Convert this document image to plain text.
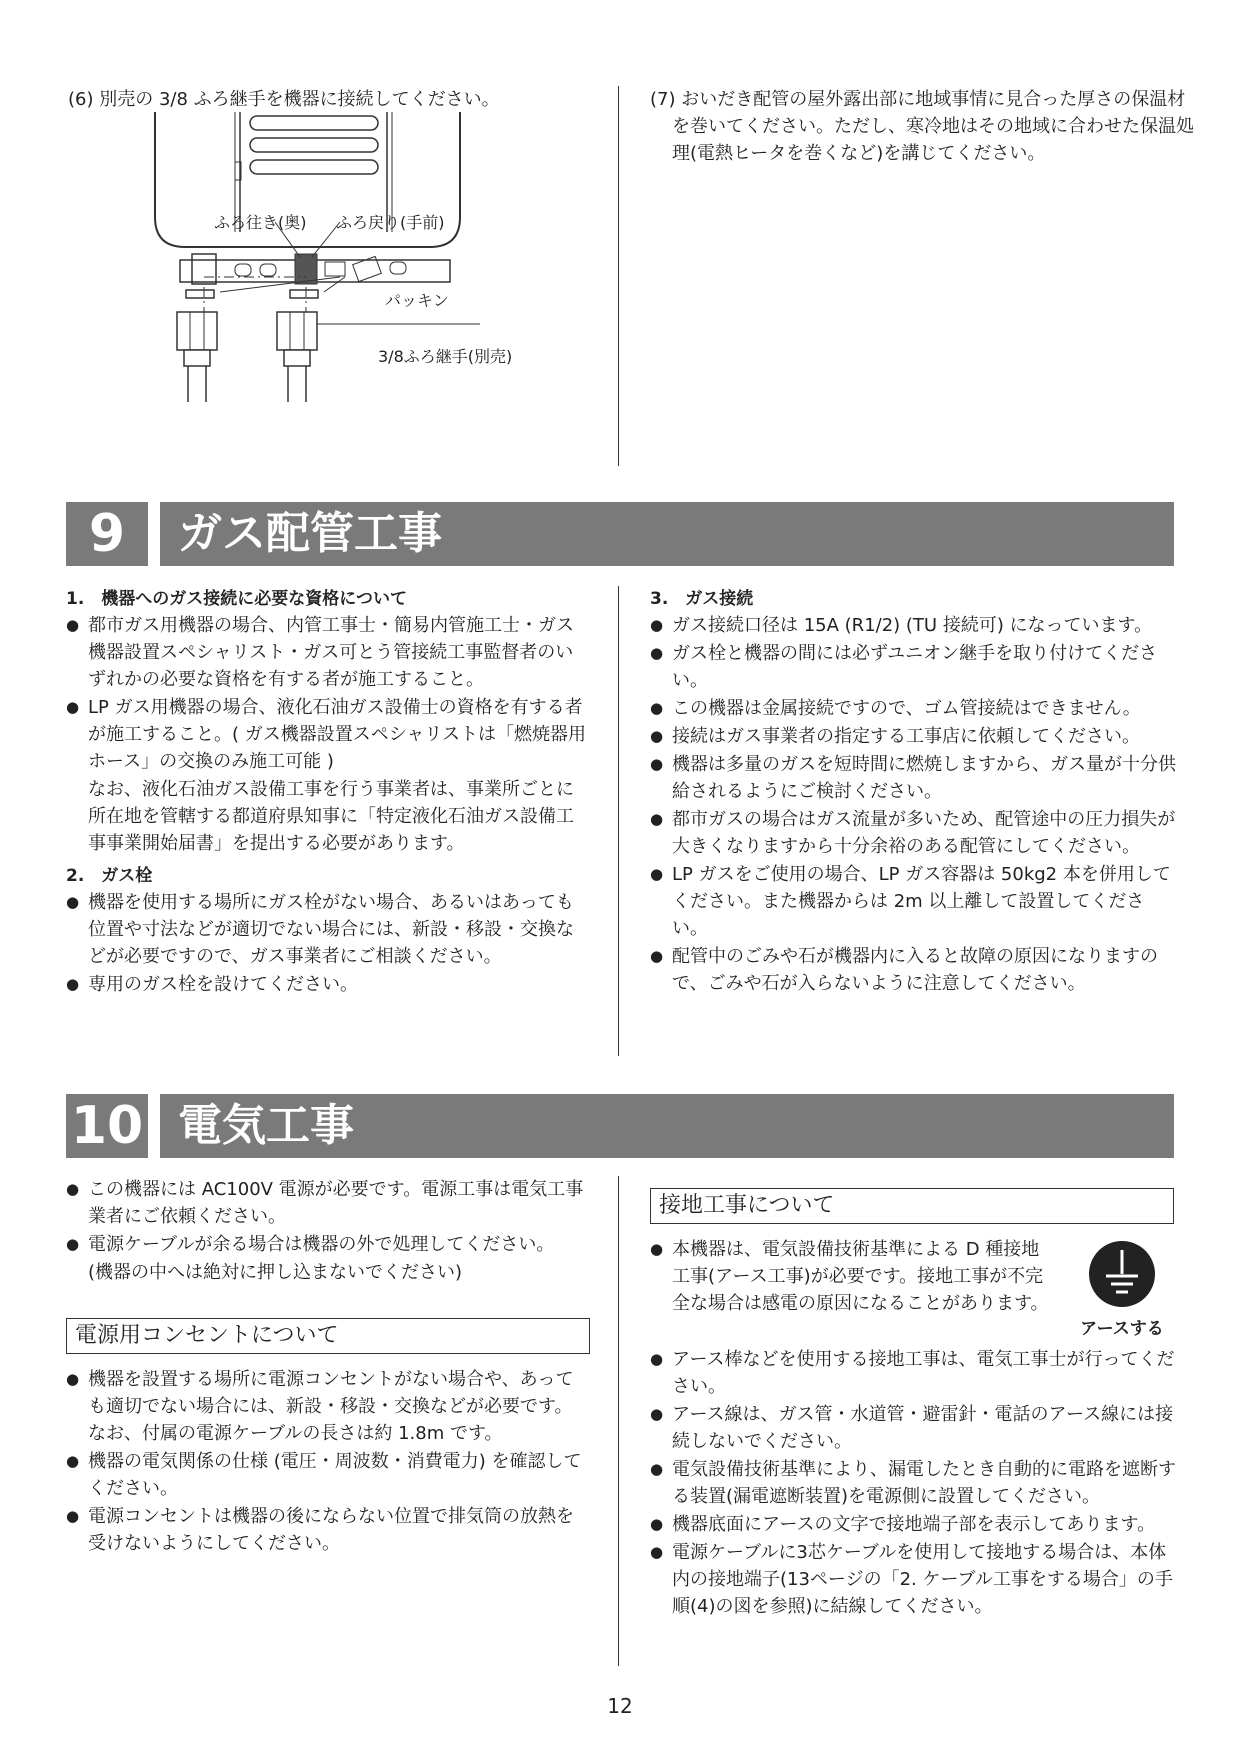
(6) 別売の 3/8 ふろ継手を機器に接続してください。
ふろ往き(奥) ふろ戻り(手前)
パッキン
3/8ふろ継手(別売)
(7) おいだき配管の屋外露出部に地域事情に見合った厚さの保温材を巻いてください。ただし、寒冷地はその地域に合わせた保温処理(電熱ヒータを巻くなど)を講じてください。
9	ガス配管工事
1.　機器へのガス接続に必要な資格について
● 都市ガス用機器の場合、内管工事士・簡易内管施工士・ガス機器設置スペシャリスト・ガス可とう管接続工事監督者のいずれかの必要な資格を有する者が施工すること。
● LP ガス用機器の場合、液化石油ガス設備士の資格を有する者が施工すること。( ガス機器設置スペシャリストは「燃焼器用ホース」の交換のみ施工可能 )
なお、液化石油ガス設備工事を行う事業者は、事業所ごとに所在地を管轄する都道府県知事に「特定液化石油ガス設備工事事業開始届書」を提出する必要があります。
2.　ガス栓
● 機器を使用する場所にガス栓がない場合、あるいはあっても位置や寸法などが適切でない場合には、新設・移設・交換などが必要ですので、ガス事業者にご相談ください。
● 専用のガス栓を設けてください。
3.　ガス接続
● ガス接続口径は 15A (R1/2) (TU 接続可) になっています。
● ガス栓と機器の間には必ずユニオン継手を取り付けてください。
● この機器は金属接続ですので、ゴム管接続はできません。
● 接続はガス事業者の指定する工事店に依頼してください。
● 機器は多量のガスを短時間に燃焼しますから、ガス量が十分供給されるようにご検討ください。
● 都市ガスの場合はガス流量が多いため、配管途中の圧力損失が大きくなりますから十分余裕のある配管にしてください。
● LP ガスをご使用の場合、LP ガス容器は 50kg2 本を併用してください。また機器からは 2m 以上離して設置してください。
● 配管中のごみや石が機器内に入ると故障の原因になりますので、ごみや石が入らないように注意してください。
10 電気工事
● この機器には AC100V 電源が必要です。電源工事は電気工事業者にご依頼ください。
● 電源ケーブルが余る場合は機器の外で処理してください。
(機器の中へは絶対に押し込まないでください)
電源用コンセントについて
● 機器を設置する場所に電源コンセントがない場合や、あっても適切でない場合には、新設・移設・交換などが必要です。なお、付属の電源ケーブルの長さは約 1.8m です。
● 機器の電気関係の仕様 (電圧・周波数・消費電力) を確認してください。
● 電源コンセントは機器の後にならない位置で排気筒の放熱を受けないようにしてください。
接地工事について
● 本機器は、電気設備技術基準による D 種接地工事(アース工事)が必要です。接地工事が不完全な場合は感電の原因になることがあります。
アースする
● アース棒などを使用する接地工事は、電気工事士が行ってください。
● アース線は、ガス管・水道管・避雷針・電話のアース線には接続しないでください。
● 電気設備技術基準により、漏電したとき自動的に電路を遮断する装置(漏電遮断装置)を電源側に設置してください。
● 機器底面にアースの文字で接地端子部を表示してあります。
● 電源ケーブルに3芯ケーブルを使用して接地する場合は、本体内の接地端子(13ページの「2. ケーブル工事をする場合」の手順(4)の図を参照)に結線してください。
12
